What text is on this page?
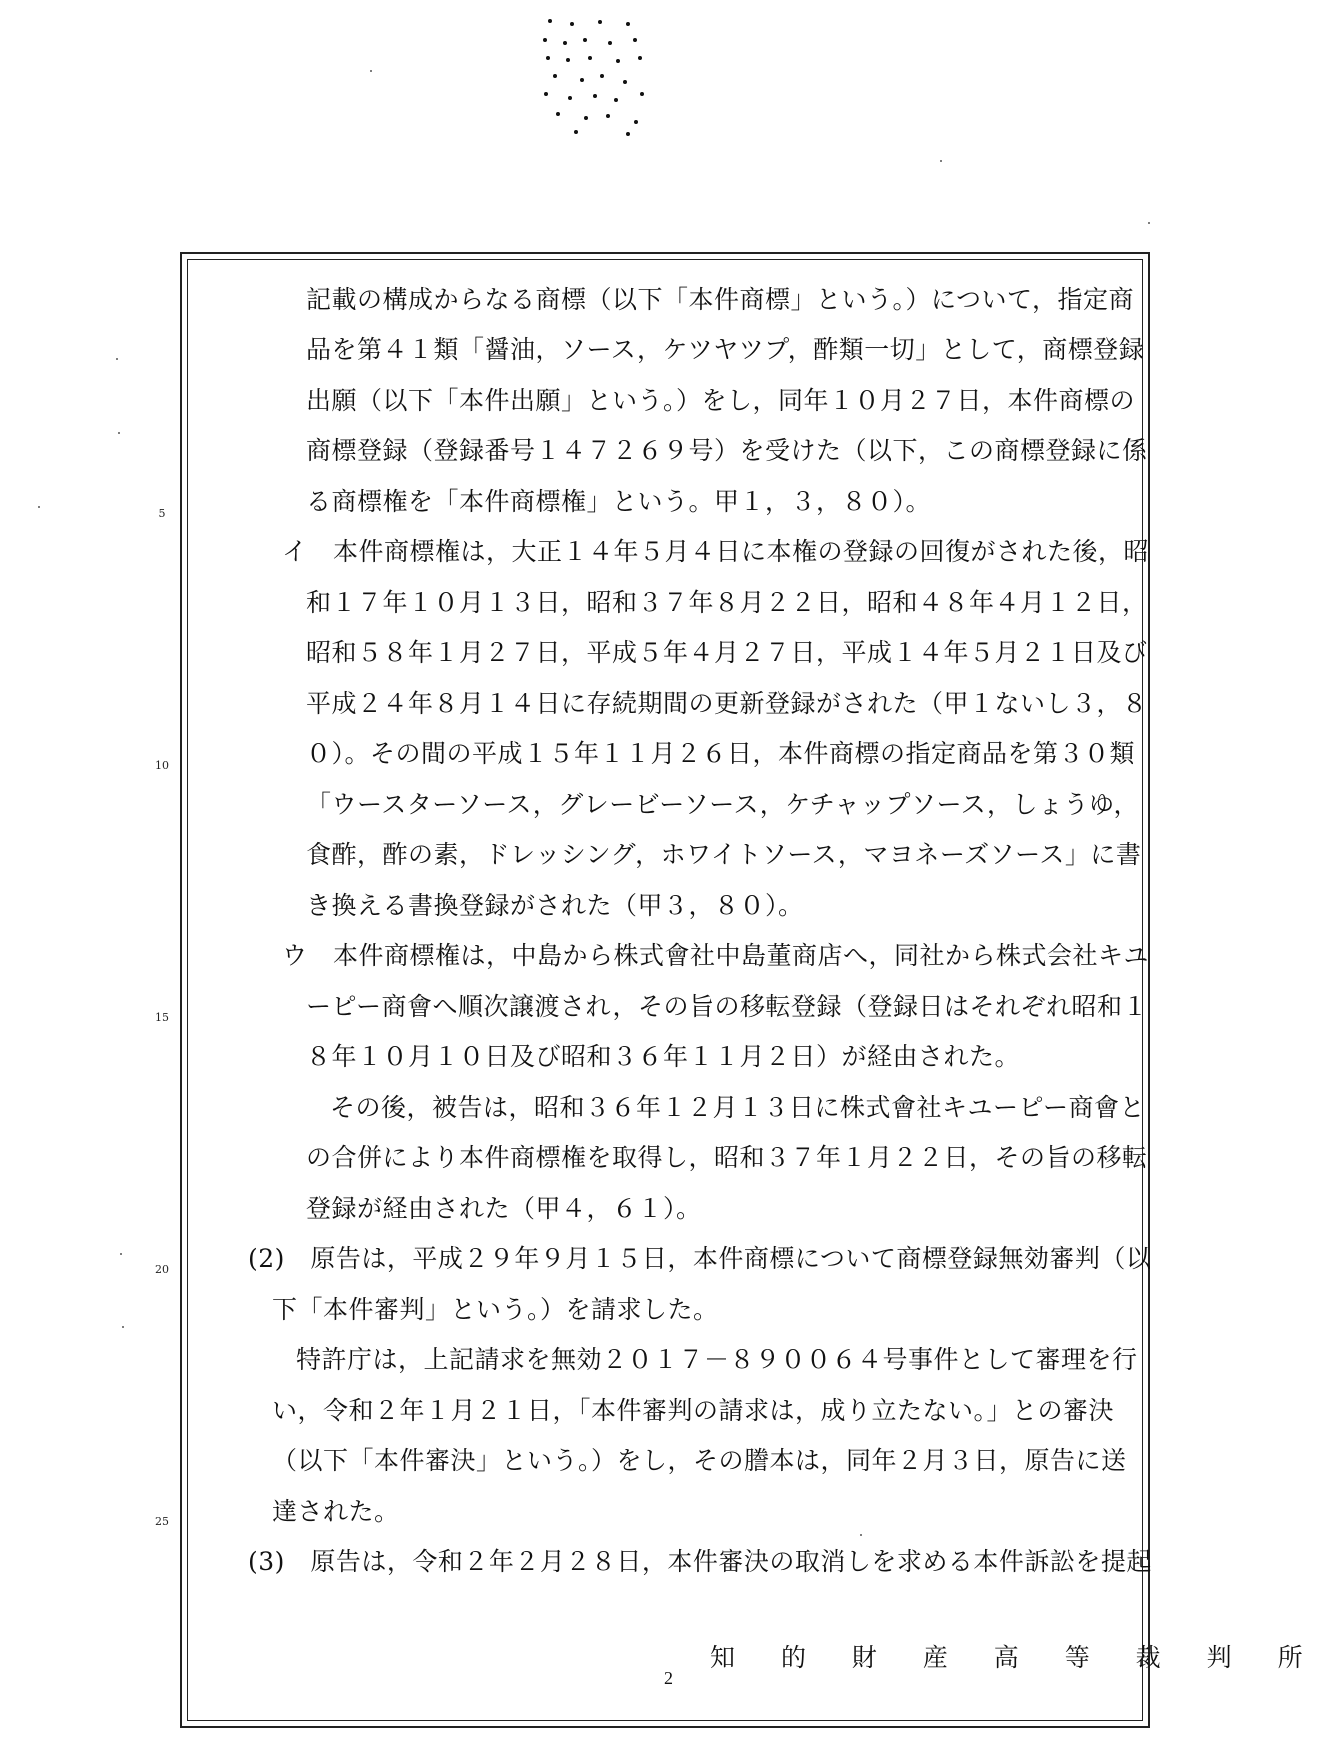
5
10
15
20
25
記載の構成からなる商標（以下「本件商標」という。）について，指定商
品を第４１類「醤油，ソース，ケツヤツプ，酢類一切」として，商標登録
出願（以下「本件出願」という。）をし，同年１０月２７日，本件商標の
商標登録（登録番号１４７２６９号）を受けた（以下，この商標登録に係
る商標権を「本件商標権」という。甲１，３，８０）。
イ　本件商標権は，大正１４年５月４日に本権の登録の回復がされた後，昭
和１７年１０月１３日，昭和３７年８月２２日，昭和４８年４月１２日，
昭和５８年１月２７日，平成５年４月２７日，平成１４年５月２１日及び
平成２４年８月１４日に存続期間の更新登録がされた（甲１ないし３，８
０）。その間の平成１５年１１月２６日，本件商標の指定商品を第３０類
「ウースターソース，グレービーソース，ケチャップソース，しょうゆ，
食酢，酢の素，ドレッシング，ホワイトソース，マヨネーズソース」に書
き換える書換登録がされた（甲３，８０）。
ウ　本件商標権は，中島から株式會社中島董商店へ，同社から株式会社キユ
ーピー商會へ順次譲渡され，その旨の移転登録（登録日はそれぞれ昭和１
８年１０月１０日及び昭和３６年１１月２日）が経由された。
その後，被告は，昭和３６年１２月１３日に株式會社キユーピー商會と
の合併により本件商標権を取得し，昭和３７年１月２２日，その旨の移転
登録が経由された（甲４，６１）。
(2)　原告は，平成２９年９月１５日，本件商標について商標登録無効審判（以
下「本件審判」という。）を請求した。
特許庁は，上記請求を無効２０１７－８９００６４号事件として審理を行
い，令和２年１月２１日，「本件審判の請求は，成り立たない。」との審決
（以下「本件審決」という。）をし，その謄本は，同年２月３日，原告に送
達された。
(3)　原告は，令和２年２月２８日，本件審決の取消しを求める本件訴訟を提起
知 的 財 産 高 等 裁 判 所
2
